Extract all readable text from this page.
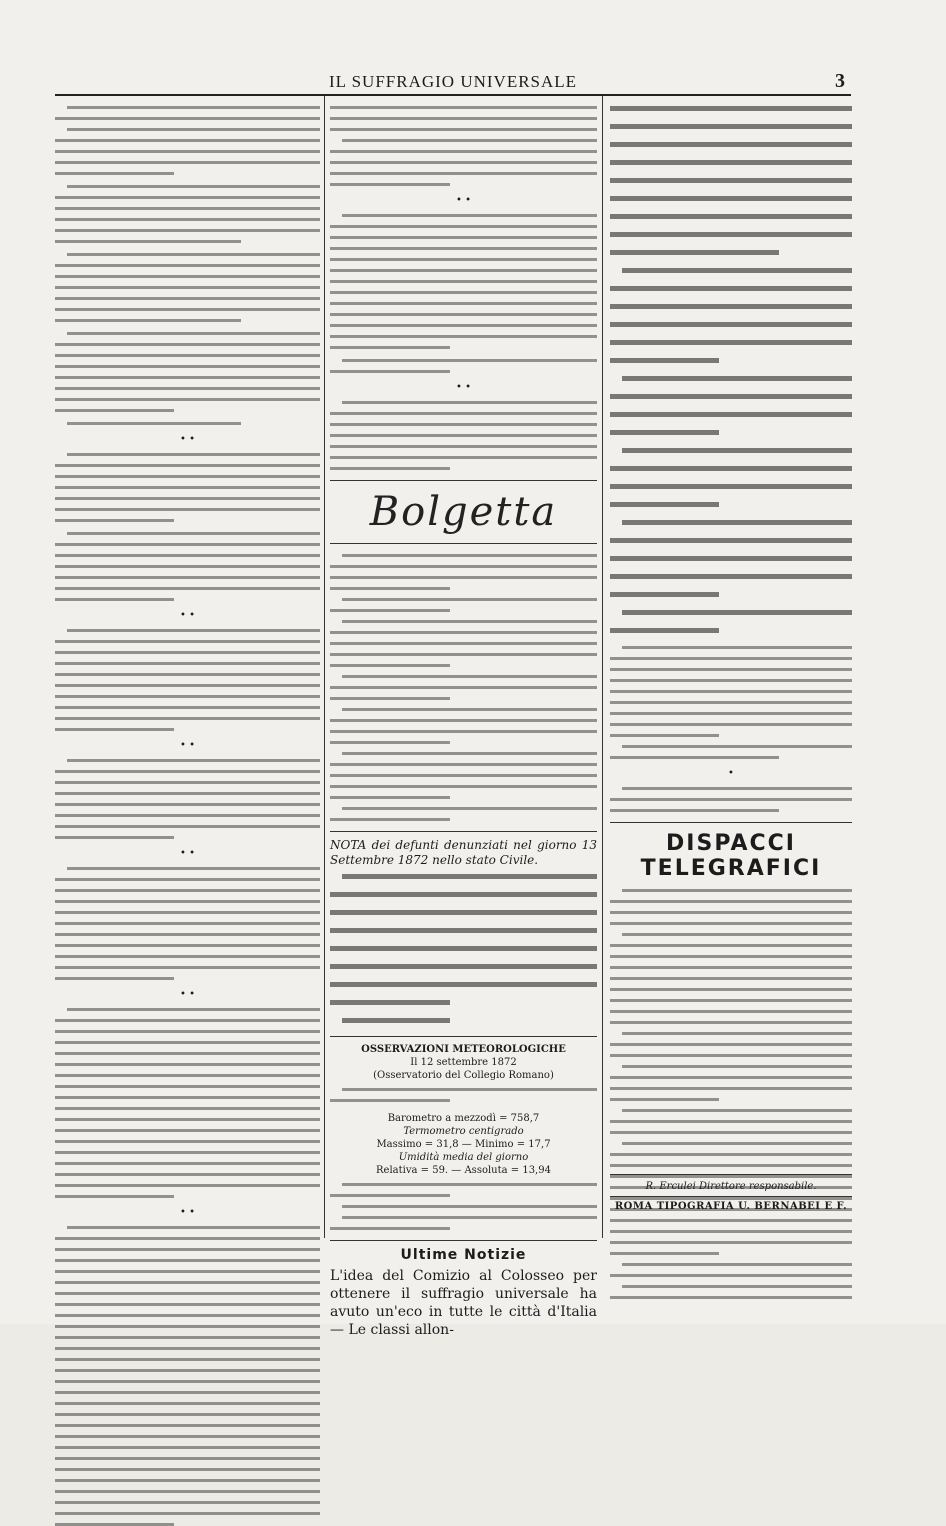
IL SUFFRAGIO UNIVERSALE	3
• •
• •
• •
• •
• •
• •
• •
• •
Bolgetta
NOTA dei defunti denunziati nel giorno 13 Settembre 1872 nello stato Civile.
OSSERVAZIONI METEOROLOGICHE
Il 12 settembre 1872
(Osservatorio del Collegio Romano)
Barometro a mezzodì = 758,7
Termometro centigrado
Massimo = 31,8 — Minimo = 17,7
Umidità media del giorno
Relativa = 59. — Assoluta = 13,94
Ultime Notizie
L'idea del Comizio al Colosseo per ottenere il suffragio universale ha avuto un'eco in tutte le città d'Italia — Le classi allon-
•
DISPACCI TELEGRAFICI
R. Erculei Direttore responsabile.
ROMA TIPOGRAFIA U. BERNABEI E F.
